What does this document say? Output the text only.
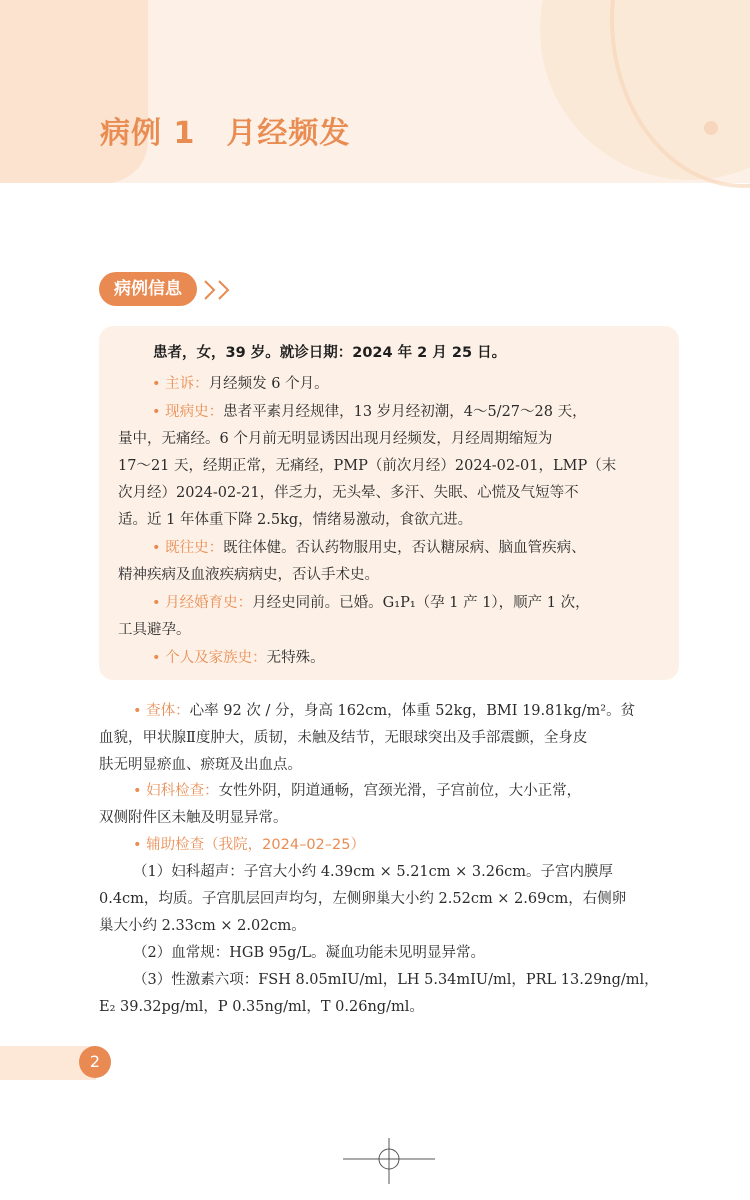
病例 1　月经频发
病例信息
患者，女，39 岁。就诊日期：2024 年 2 月 25 日。
• 主诉：月经频发 6 个月。
• 现病史：患者平素月经规律，13 岁月经初潮，4～5/27～28 天，
量中，无痛经。6 个月前无明显诱因出现月经频发，月经周期缩短为
17～21 天，经期正常，无痛经，PMP（前次月经）2024-02-01，LMP（末
次月经）2024-02-21，伴乏力，无头晕、多汗、失眠、心慌及气短等不
适。近 1 年体重下降 2.5kg，情绪易激动，食欲亢进。
• 既往史：既往体健。否认药物服用史，否认糖尿病、脑血管疾病、
精神疾病及血液疾病病史，否认手术史。
• 月经婚育史：月经史同前。已婚。G₁P₁（孕 1 产 1），顺产 1 次，
工具避孕。
• 个人及家族史：无特殊。
• 查体：心率 92 次 / 分，身高 162cm，体重 52kg，BMI 19.81kg/m²。贫
血貌，甲状腺Ⅱ度肿大，质韧，未触及结节，无眼球突出及手部震颤，全身皮
肤无明显瘀血、瘀斑及出血点。
• 妇科检查：女性外阴，阴道通畅，宫颈光滑，子宫前位，大小正常，
双侧附件区未触及明显异常。
• 辅助检查（我院，2024–02–25）
（1）妇科超声：子宫大小约 4.39cm × 5.21cm × 3.26cm。子宫内膜厚
0.4cm，均质。子宫肌层回声均匀，左侧卵巢大小约 2.52cm × 2.69cm，右侧卵
巢大小约 2.33cm × 2.02cm。
（2）血常规：HGB 95g/L。凝血功能未见明显异常。
（3）性激素六项：FSH 8.05mIU/ml，LH 5.34mIU/ml，PRL 13.29ng/ml，
E₂ 39.32pg/ml，P 0.35ng/ml，T 0.26ng/ml。
2
